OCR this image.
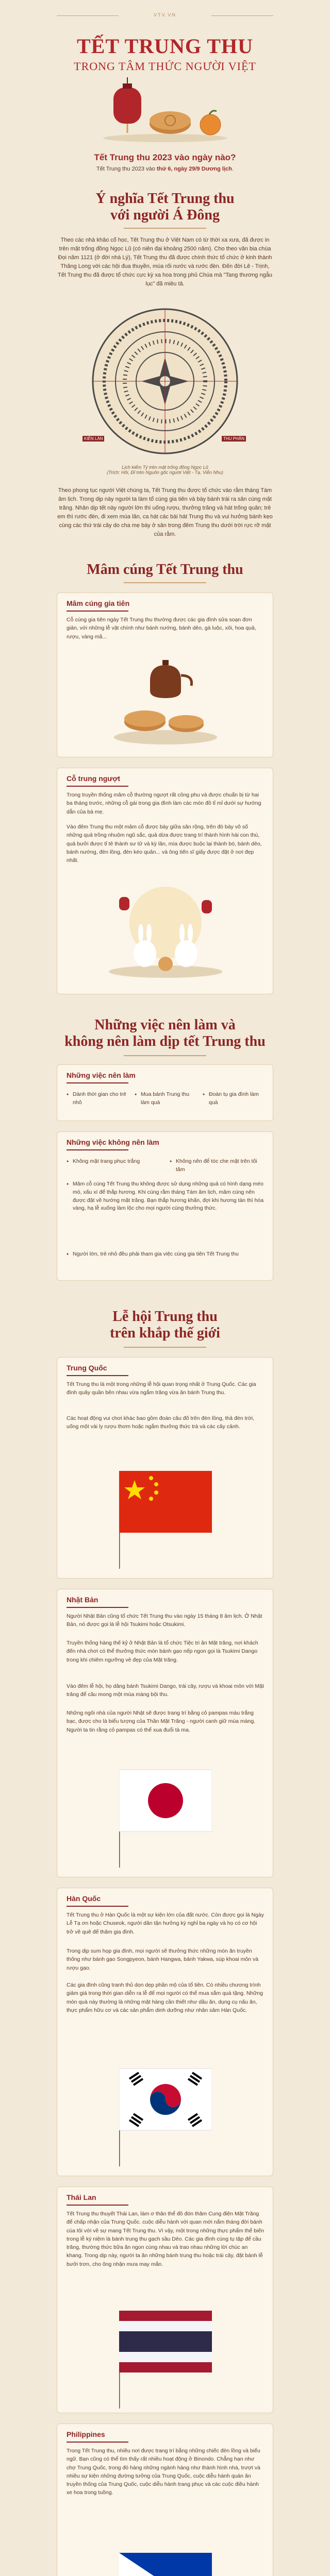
VTV.VN
TẾT TRUNG THU
TRONG TÂM THỨC NGƯỜI VIỆT
Tết Trung thu 2023 vào ngày nào?
Tết Trung thu 2023 vào thứ 6, ngày 29/9 Dương lịch.
Ý nghĩa Tết Trung thu
với người Á Đông
Theo các nhà khảo cổ học, Tết Trung thu ở Việt Nam có từ thời xa xưa, đã được in trên mặt trống đồng Ngọc Lũ (có niên đại khoảng 2500 năm). Cho theo văn bia chùa Đọi năm 1121 (ở đời nhà Lý), Tết Trung thu đã được chính thức tổ chức ở kinh thành Thăng Long với các hội đua thuyền, múa rối nước và rước đèn. Đến đời Lê - Trịnh, Tết Trung thu đã được tổ chức cực kỳ xa hoa trong phủ Chúa mà "Tang thương ngẫu lục" đã miêu tả.
KIÊN LÀN	THU PHÂN
Lịch kiểm Tý trên mặt trống đồng Ngọc Lũ
(Trích: Hồi, Đỉ trên Nguồn gốc người Việt - Tạ, Viễn Nhu)
Theo phong tục người Việt chúng ta, Tết Trung thu được tổ chức vào rằm tháng Tám âm lịch. Trong dịp này người ta làm tổ cúng gia tiên và bày bánh trái ra sân cúng mặt trăng. Nhân dịp tết này người lớn thì uống rượu, thưởng trăng và hát trống quân; trẻ em thì rước đèn, đi xem múa lân, ca hát các bài hát Trung thu và vui hưởng bánh kẹo cùng các thứ trái cây do cha mẹ bày ở sân trong đêm Trung thu dưới trời rực rỡ mặt của rằm.
Mâm cúng Tết Trung thu
Mâm cúng gia tiên
Cỗ cúng gia tiên ngày Tết Trung thu thường được các gia đình sửa soạn đơn giản, với những lễ vật chính như bánh nướng, bánh dẻo, gà luộc, xôi, hoa quả, rượu, vàng mã...
Cỗ trung ngượt
Trong truyền thống mâm cỗ thường ngượt rất công phu và được chuẩn bị từ hai ba tháng trước, những cỗ gái trong gia đình làm các món đồ tỉ mỉ dưới sự hướng dẫn của bà mẹ.
Vào đêm Trung thu một mâm cỗ được bày giữa sân rộng, trên đó bày vô số những quả trồng nhuộm ngũ sắc, quả dừa được trang trí thành hình hài con thú, quả bưởi được tỉ tê thành sư tử và kỳ lân, mía được buộc lại thành bó, bánh dẻo, bánh nướng, đèn lồng, đèn kéo quân... và ông tiến sĩ giấy được đặt ở nơi đẹp nhất.
Những việc nên làm và
không nên làm dịp tết Trung thu
Những việc nên làm
● Dành thời gian cho trẻ nhỏ
● Mua bánh Trung thu làm quà
● Đoàn tụ gia đình làm quà
Những việc không nên làm
● Không mặt trang phục trắng
●	Không nên để tóc che mặt trên tối tăm
● Mâm cỗ cúng Tết Trung thu không được sử dụng những quả có hình dạng méo mó, xấu xí để thắp hương. Khi cúng rằm tháng Tám âm lịch, mâm cúng nên được đặt về hướng mặt trăng. Bạn thắp hương khấn, đợi khi hương tàn thì hóa vàng, hạ lễ xuống làm lộc cho mọi người cùng thưởng thức.
● Người lớn, trẻ nhỏ đều phải tham gia việc cúng gia tiên Tết Trung thu
Lễ hội Trung thu
trên khắp thế giới
Trung Quốc
Tết Trung thu là một trong những lễ hội quan trọng nhất ở Trung Quốc. Các gia đình quây quần bên nhau vừa ngắm trăng vừa ăn bánh Trung thu.
Các hoạt động vui chơi khác bao gồm đoán câu đố trên đèn lồng, thả đèn trời, uống một vài ly rượu thơm hoặc ngắm thưởng thức trà và các cây cảnh.
Nhật Bản
Người Nhật Bản cũng tổ chức Tết Trung thu vào ngày 15 tháng 8 âm lịch. Ở Nhật Bản, nó được gọi là lễ hội Tsukimi hoặc Otsukimi.
Truyền thống hàng thế kỷ ở Nhật Bản là tổ chức Tiệc tri ân Mặt trăng, nơi khách đến nhà chơi có thể thưởng thức món bánh gạo nếp ngon gọi là Tsukimi Dango trong khi chiêm ngưỡng vẻ đẹp của Mặt trăng.
Vào đêm lễ hội, họ dâng bánh Tsukimi Dango, trái cây, rượu và khoai môn với Mặt trăng để cầu mong một mùa màng bội thu.
Những ngôi nhà của người Nhật sẽ được trang trí bằng cỏ pampas màu trắng bạc, được cho là biểu tượng của Thần Mặt Trăng - người canh giữ mùa màng. Người ta tin rằng cỏ pampas có thể xua đuổi tà ma.
Hàn Quốc
Tết Trung thu ở Hàn Quốc là một sự kiện lớn của đất nước. Còn được gọi là Ngày Lễ Tạ ơn hoặc Chuseok, người dân tận hưởng kỳ nghỉ ba ngày và họ có cơ hội trở về quê để thăm gia đình.
Trong dịp sum họp gia đình, mọi người sẽ thưởng thức những món ăn truyền thống như bánh gạo Songpyeon, bánh Hangwa, bánh Yakwa, súp khoai môn và rượu gạo.
Các gia đình cũng tranh thủ dọn dẹp phần mộ của tổ tiên. Có nhiều chương trình giảm giá trong thời gian diễn ra lễ để mọi người có thể mua sắm quà tặng. Những món quà này thường là những mặt hàng cần thiết như dầu ăn, dụng cụ nấu ăn, thực phẩm hữu cơ và các sản phẩm dinh dưỡng như nhân sâm Hàn Quốc.
Thái Lan
Tết Trung thu thuyết Thái Lan, làm ơ thân thể đồ đón thăm Cung điện Mặt Trăng để chấp nhận của Trung Quốc. cuộc diễu hành với quan mới nắm tháng đời bánh cùa tôi với về sự mang Tết Trung thu. Vì vậy, một trong những thực phẩm thể biến trong lễ ký niệm là bánh trung thu gạch sầu Dẻo. Các gia đình cùng tụ tập để cầu trăng, thường thức bữa ăn ngon cùng nhau và trao nhau những lời chúc an khang. Trong dịp này, người ta ăn những bánh trung thu hoặc trái cây, đặt bánh lễ bưởi trơn, cho ông nhận mưa may mắn.
Philippines
Trong Tết Trung thu, nhiều nơi được trang trí bằng những chiếc đèn lồng và biểu ngữ. Bạn cũng có thể tìm thấy rất nhiều hoạt động ở Binondo. Chẳng hạn như chợ Trung Quốc, trong đó hàng những ngành hàng như thành hình nhà, trượt và nhiều sự kiện những đường tưởng của Trung Quốc, cuộc diễu hành quán ăn truyền thống của Trung Quốc, cuộc diễu hành trang phục và các cuộc điều hành xe hoa trong tuồng.
